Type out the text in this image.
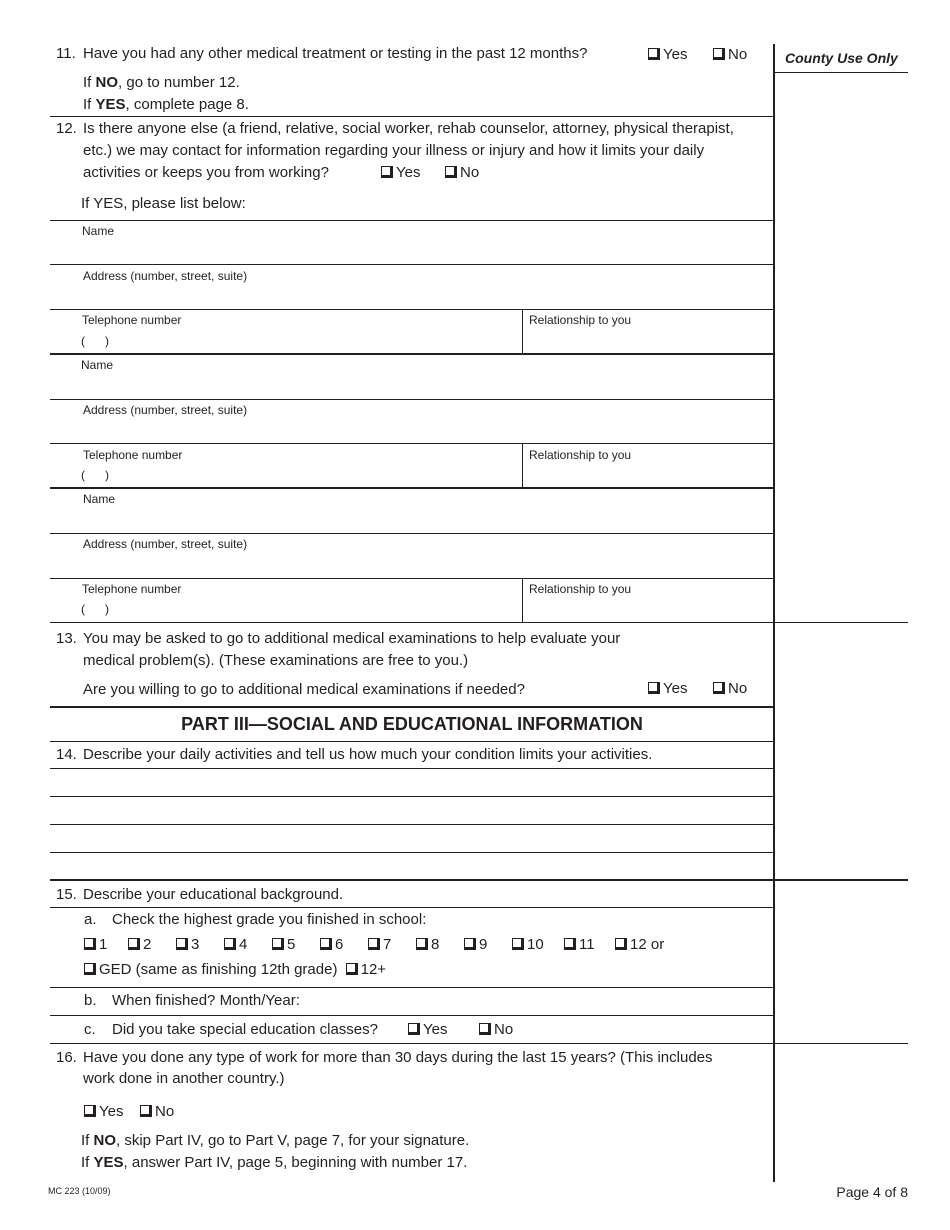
County Use Only
11. Have you had any other medical treatment or testing in the past 12 months?	Yes	No
If NO, go to number 12.
If YES, complete page 8.
12. Is there anyone else (a friend, relative, social worker, rehab counselor, attorney, physical therapist,
etc.) we may contact for information regarding your illness or injury and how it limits your daily
activities or keeps you from working?	Yes	No
If YES, please list below:
Name
Address (number, street, suite)
Telephone number
(      )
Relationship to you
Name
Address (number, street, suite)
Telephone number
(      )
Relationship to you
Name
Address (number, street, suite)
Telephone number
(      )
Relationship to you
13. You may be asked to go to additional medical examinations to help evaluate your
medical problem(s). (These examinations are free to you.)
Are you willing to go to additional medical examinations if needed?	Yes	No
PART III—SOCIAL AND EDUCATIONAL INFORMATION
14. Describe your daily activities and tell us how much your condition limits your activities.
15. Describe your educational background.
a. Check the highest grade you finished in school:
1	2	3	4	5	6	7	8	9	10	11	12 or
GED (same as finishing 12th grade) 12+
b. When finished? Month/Year:
c. Did you take special education classes?	Yes	No
16. Have you done any type of work for more than 30 days during the last 15 years? (This includes
work done in another country.)
Yes	No
If NO, skip Part IV, go to Part V, page 7, for your signature.
If YES, answer Part IV, page 5, beginning with number 17.
MC 223 (10/09)	Page 4 of 8
